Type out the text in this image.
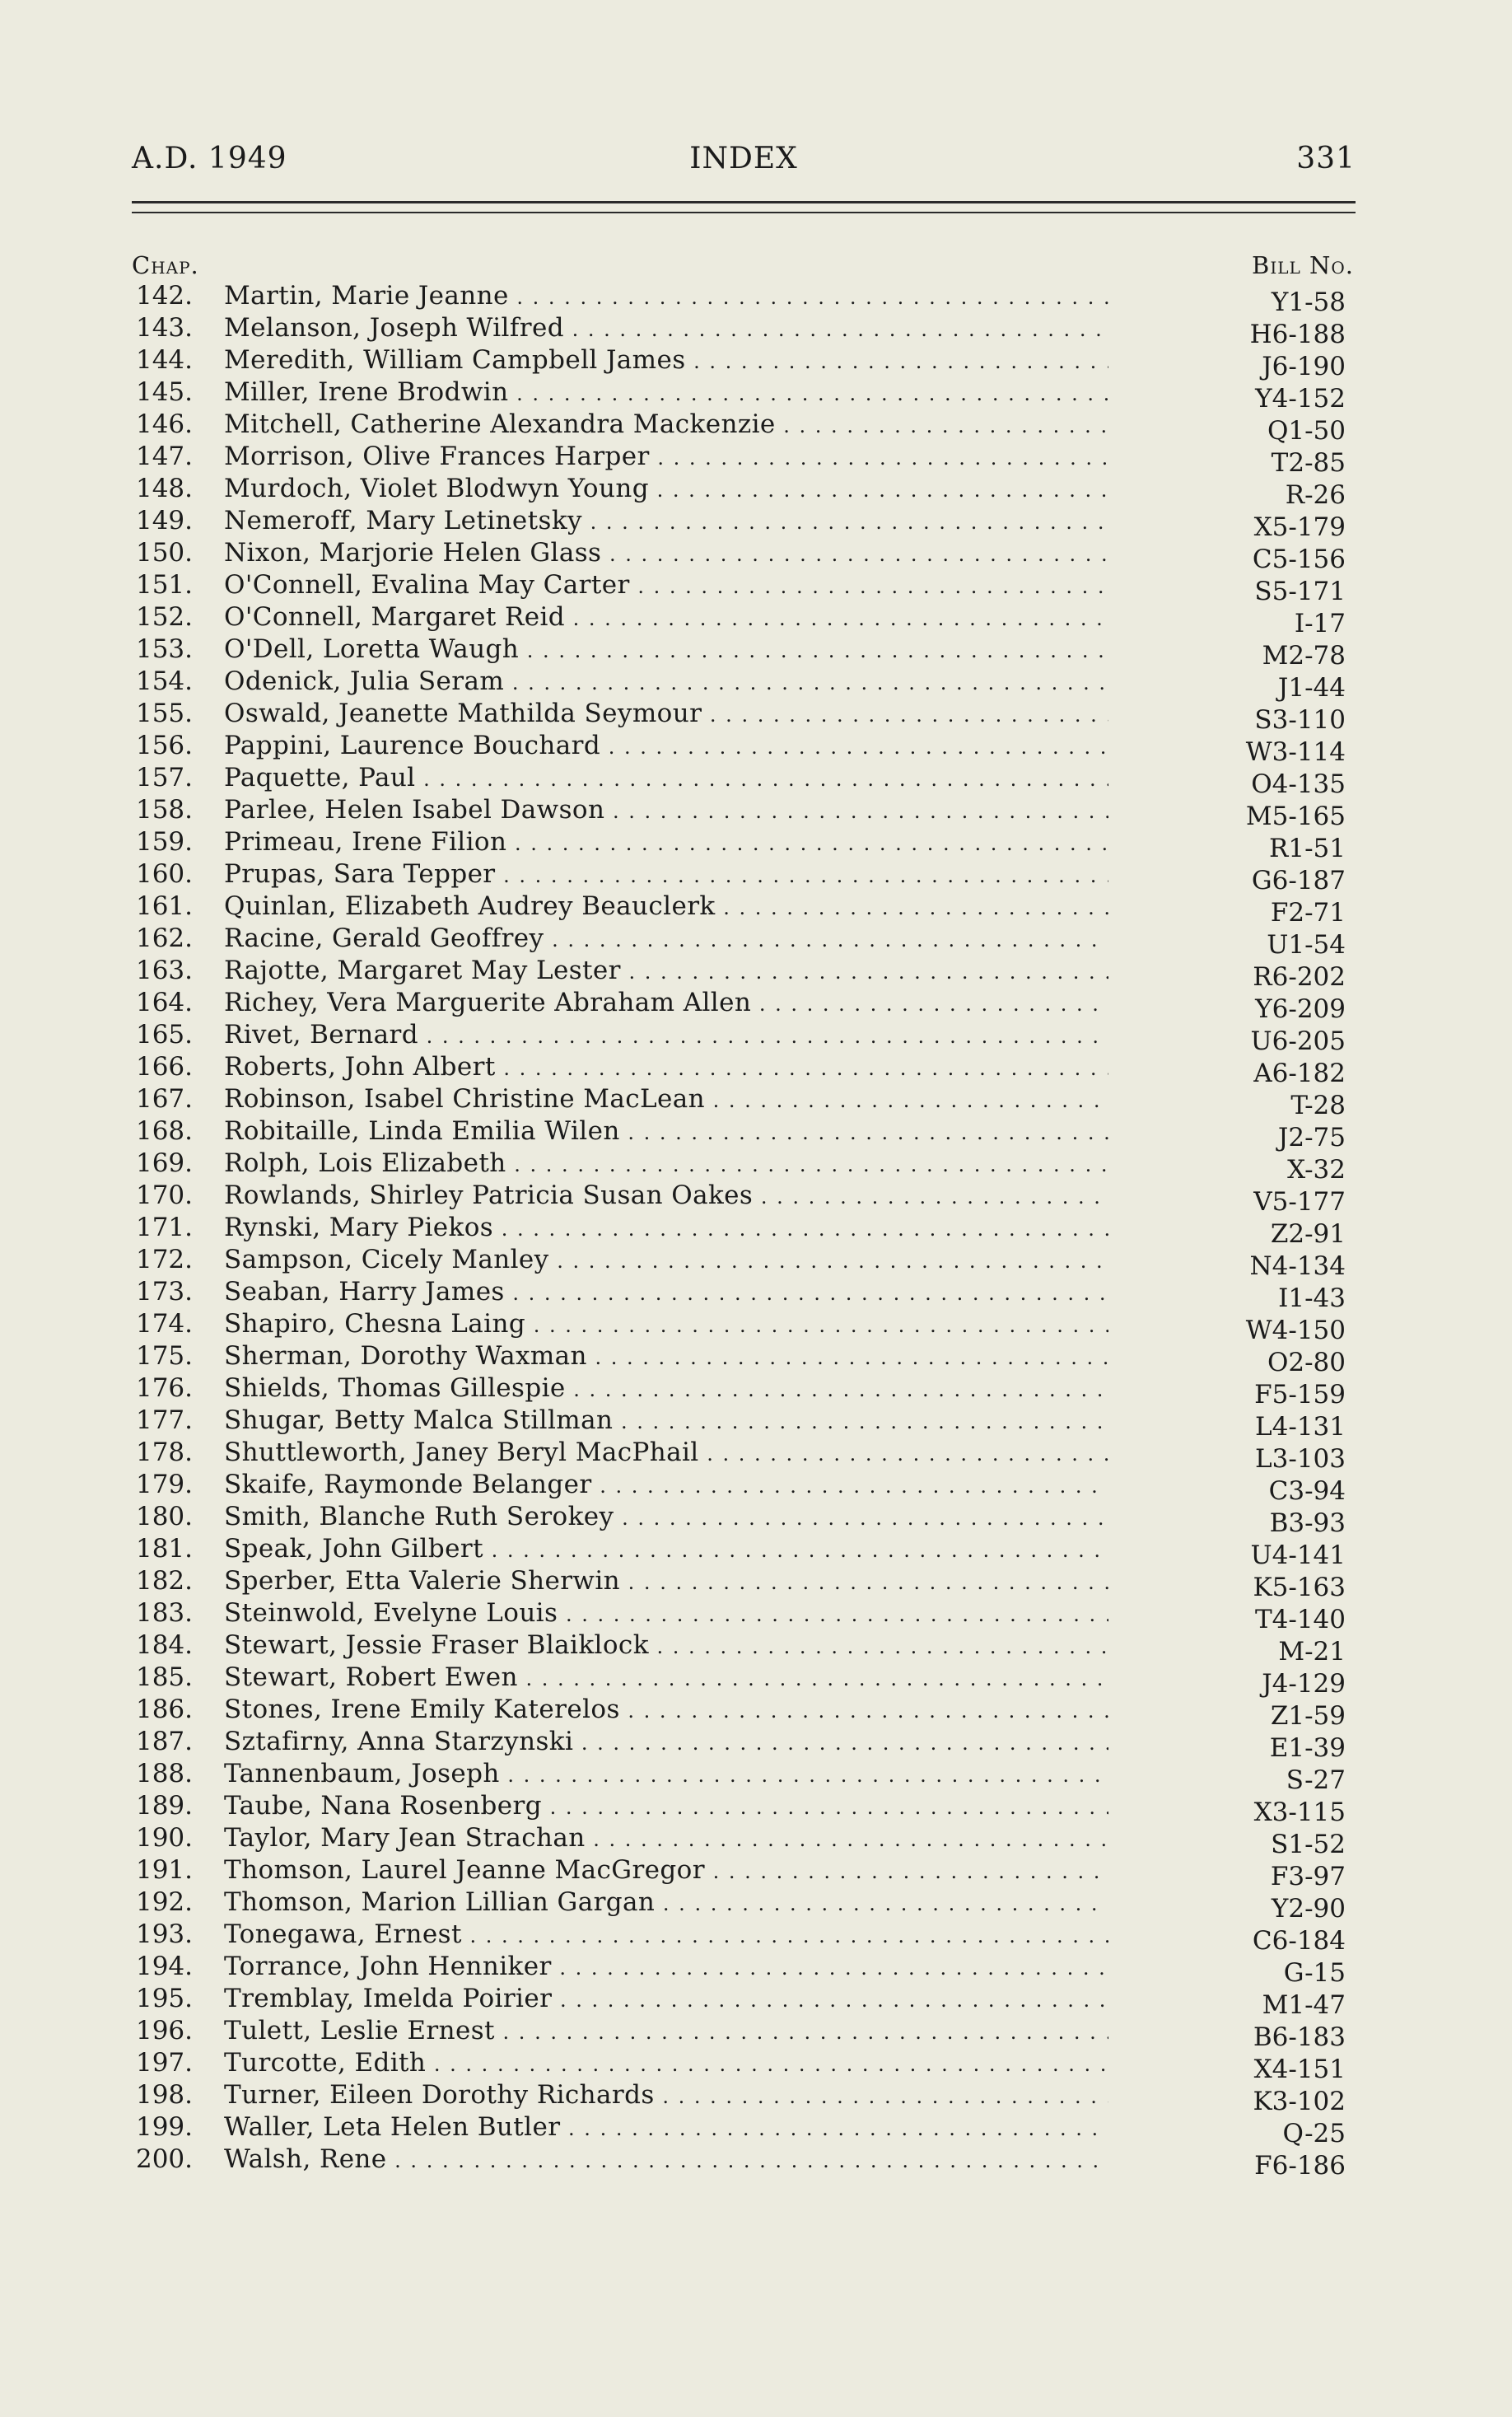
A.D. 1949	INDEX	331
Chap.	Bill No.
142. Martin, Marie Jeanne . . .	Y1-58
143. Melanson, Joseph Wilfred . . .	H6-188
144. Meredith, William Campbell James . . .	J6-190
145. Miller, Irene Brodwin . . .	Y4-152
146. Mitchell, Catherine Alexandra Mackenzie . . .	Q1-50
147. Morrison, Olive Frances Harper . . .	T2-85
148. Murdoch, Violet Blodwyn Young . . .	R-26
149. Nemeroff, Mary Letinetsky . . .	X5-179
150. Nixon, Marjorie Helen Glass . . .	C5-156
151. O'Connell, Evalina May Carter . . .	S5-171
152. O'Connell, Margaret Reid . . .	I-17
153. O'Dell, Loretta Waugh . . .	M2-78
154. Odenick, Julia Seram . . .	J1-44
155. Oswald, Jeanette Mathilda Seymour . . .	S3-110
156. Pappini, Laurence Bouchard . . .	W3-114
157. Paquette, Paul . . .	O4-135
158. Parlee, Helen Isabel Dawson . . .	M5-165
159. Primeau, Irene Filion . . .	R1-51
160. Prupas, Sara Tepper . . .	G6-187
161. Quinlan, Elizabeth Audrey Beauclerk . . .	F2-71
162. Racine, Gerald Geoffrey . . .	U1-54
163. Rajotte, Margaret May Lester . . .	R6-202
164. Richey, Vera Marguerite Abraham Allen . . .	Y6-209
165. Rivet, Bernard . . .	U6-205
166. Roberts, John Albert . . .	A6-182
167. Robinson, Isabel Christine MacLean . . .	T-28
168. Robitaille, Linda Emilia Wilen . . .	J2-75
169. Rolph, Lois Elizabeth . . .	X-32
170. Rowlands, Shirley Patricia Susan Oakes . . .	V5-177
171. Rynski, Mary Piekos . . .	Z2-91
172. Sampson, Cicely Manley . . .	N4-134
173. Seaban, Harry James . . .	I1-43
174. Shapiro, Chesna Laing . . .	W4-150
175. Sherman, Dorothy Waxman . . .	O2-80
176. Shields, Thomas Gillespie . . .	F5-159
177. Shugar, Betty Malca Stillman . . .	L4-131
178. Shuttleworth, Janey Beryl MacPhail . . .	L3-103
179. Skaife, Raymonde Belanger . . .	C3-94
180. Smith, Blanche Ruth Serokey . . .	B3-93
181. Speak, John Gilbert . . .	U4-141
182. Sperber, Etta Valerie Sherwin . . .	K5-163
183. Steinwold, Evelyne Louis . . .	T4-140
184. Stewart, Jessie Fraser Blaiklock . . .	M-21
185. Stewart, Robert Ewen . . .	J4-129
186. Stones, Irene Emily Katerelos . . .	Z1-59
187. Sztafirny, Anna Starzynski . . .	E1-39
188. Tannenbaum, Joseph . . .	S-27
189. Taube, Nana Rosenberg . . .	X3-115
190. Taylor, Mary Jean Strachan . . .	S1-52
191. Thomson, Laurel Jeanne MacGregor . . .	F3-97
192. Thomson, Marion Lillian Gargan . . .	Y2-90
193. Tonegawa, Ernest . . .	C6-184
194. Torrance, John Henniker . . .	G-15
195. Tremblay, Imelda Poirier . . .	M1-47
196. Tulett, Leslie Ernest . . .	B6-183
197. Turcotte, Edith . . .	X4-151
198. Turner, Eileen Dorothy Richards . . .	K3-102
199. Waller, Leta Helen Butler . . .	Q-25
200. Walsh, Rene . . .	F6-186
